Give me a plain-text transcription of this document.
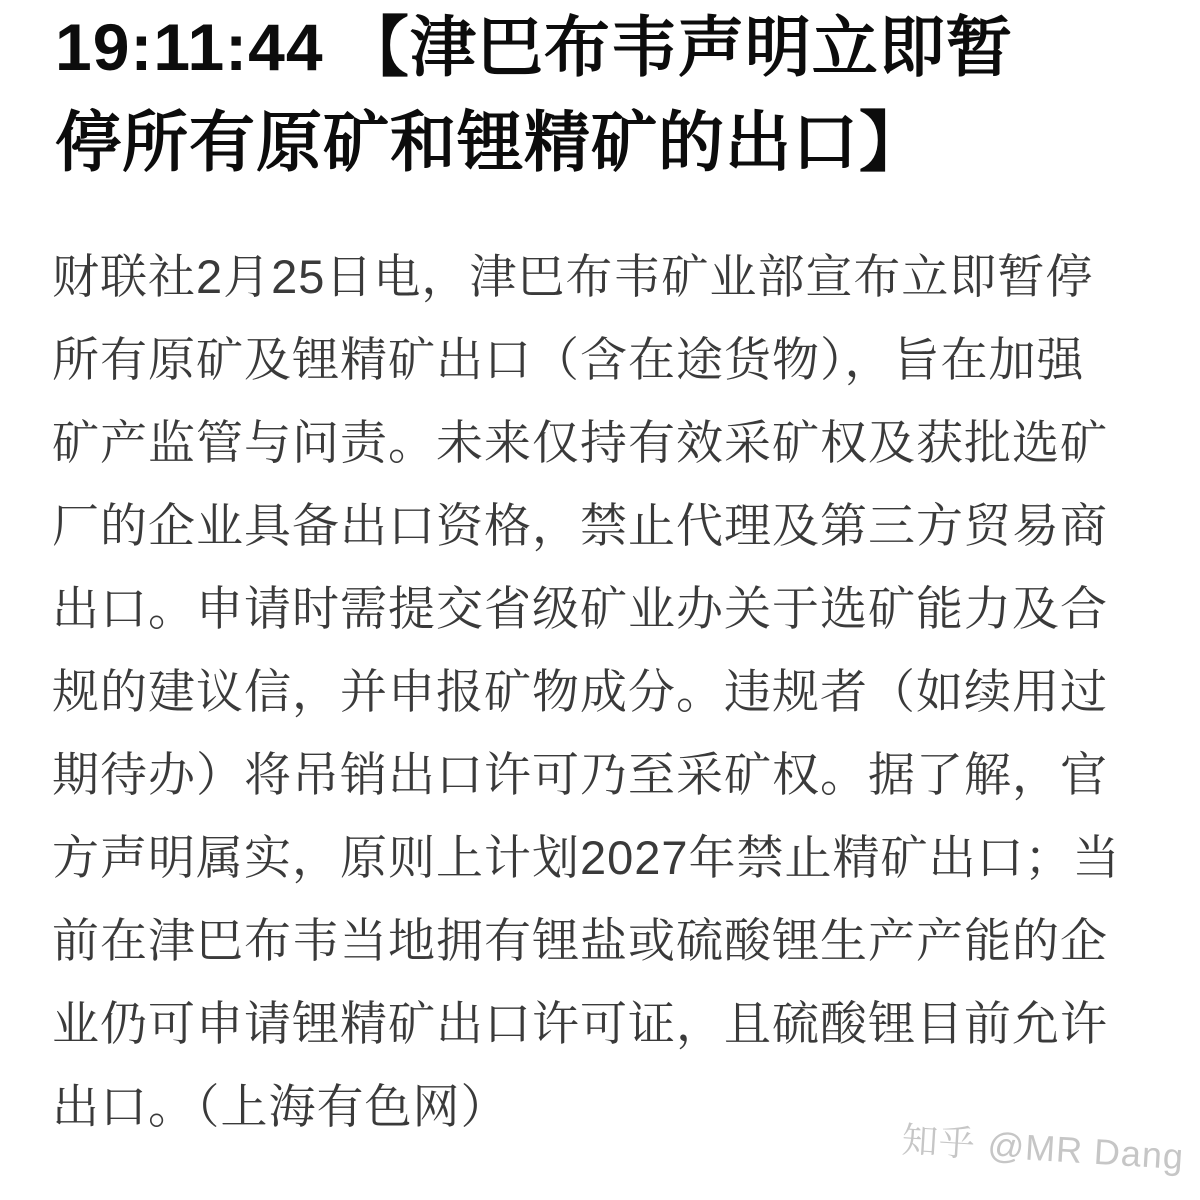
19:11:44 【津巴布韦声明立即暂
停所有原矿和锂精矿的出口】
财联社2月25日电，津巴布韦矿业部宣布立即暂停
所有原矿及锂精矿出口（含在途货物），旨在加强
矿产监管与问责。未来仅持有效采矿权及获批选矿
厂的企业具备出口资格，禁止代理及第三方贸易商
出口。申请时需提交省级矿业办关于选矿能力及合
规的建议信，并申报矿物成分。违规者（如续用过
期待办）将吊销出口许可乃至采矿权。据了解，官
方声明属实，原则上计划2027年禁止精矿出口；当
前在津巴布韦当地拥有锂盐或硫酸锂生产产能的企
业仍可申请锂精矿出口许可证，且硫酸锂目前允许
出口。（上海有色网）
知乎 @MR Dang
